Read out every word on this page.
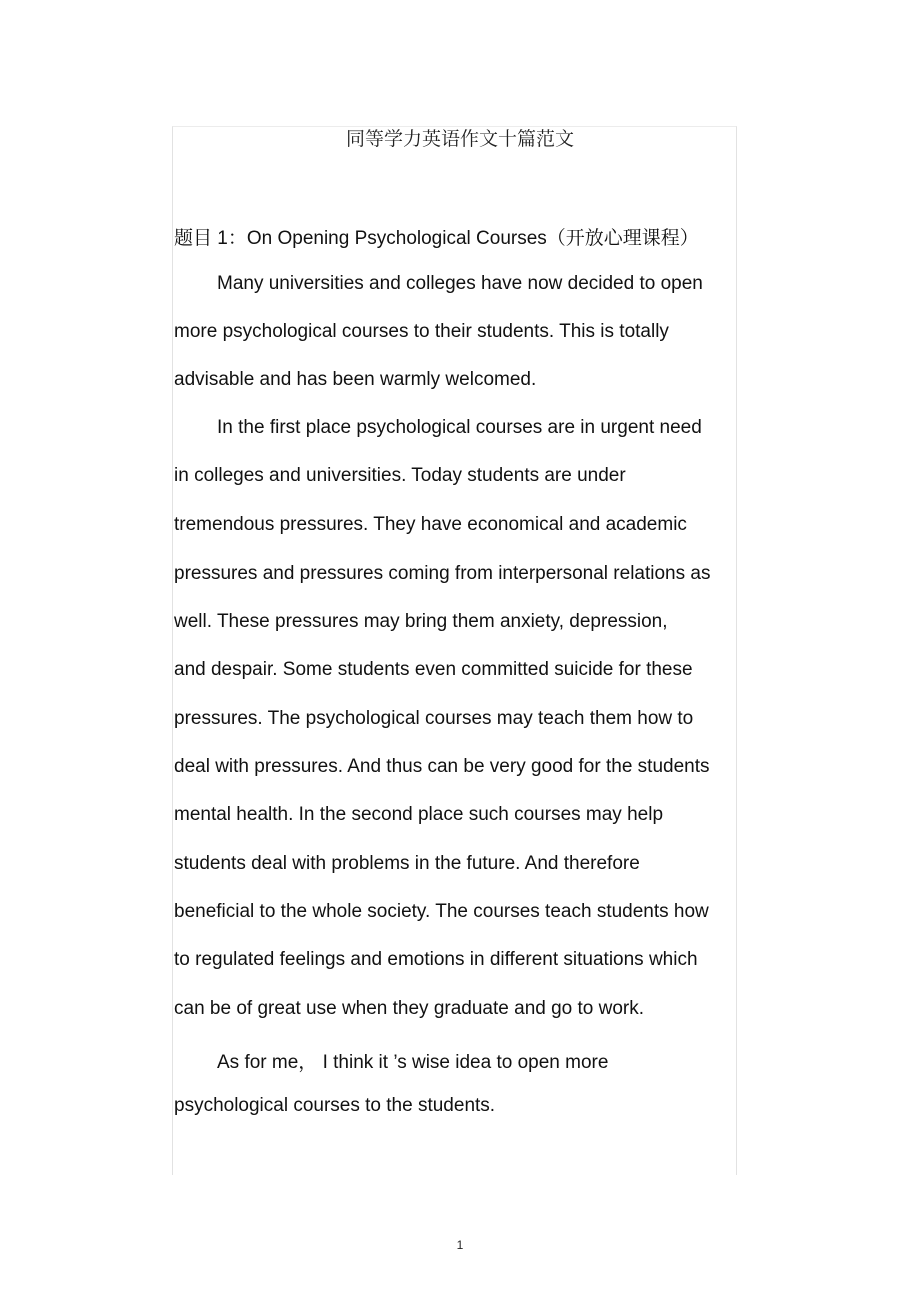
同等学力英语作文十篇范文
题目 1：On Opening Psychological Courses（开放心理课程）
Many universities and colleges have now decided to open
more psychological courses to their students. This is totally
advisable and has been warmly welcomed.
In the first place psychological courses are in urgent need
in colleges and universities. Today students are under
tremendous pressures. They have economical and academic
pressures and pressures coming from interpersonal relations as
well. These pressures may bring them anxiety, depression,
and despair. Some students even committed suicide for these
pressures. The psychological courses may teach them how to
deal with pressures. And thus can be very good for the students
mental health. In the second place such courses may help
students deal with problems in the future. And therefore
beneficial to the whole society. The courses teach students how
to regulated feelings and emotions in different situations which
can be of great use when they graduate and go to work.
As for me， I think it ’s wise idea to open more
psychological courses to the students.
1
